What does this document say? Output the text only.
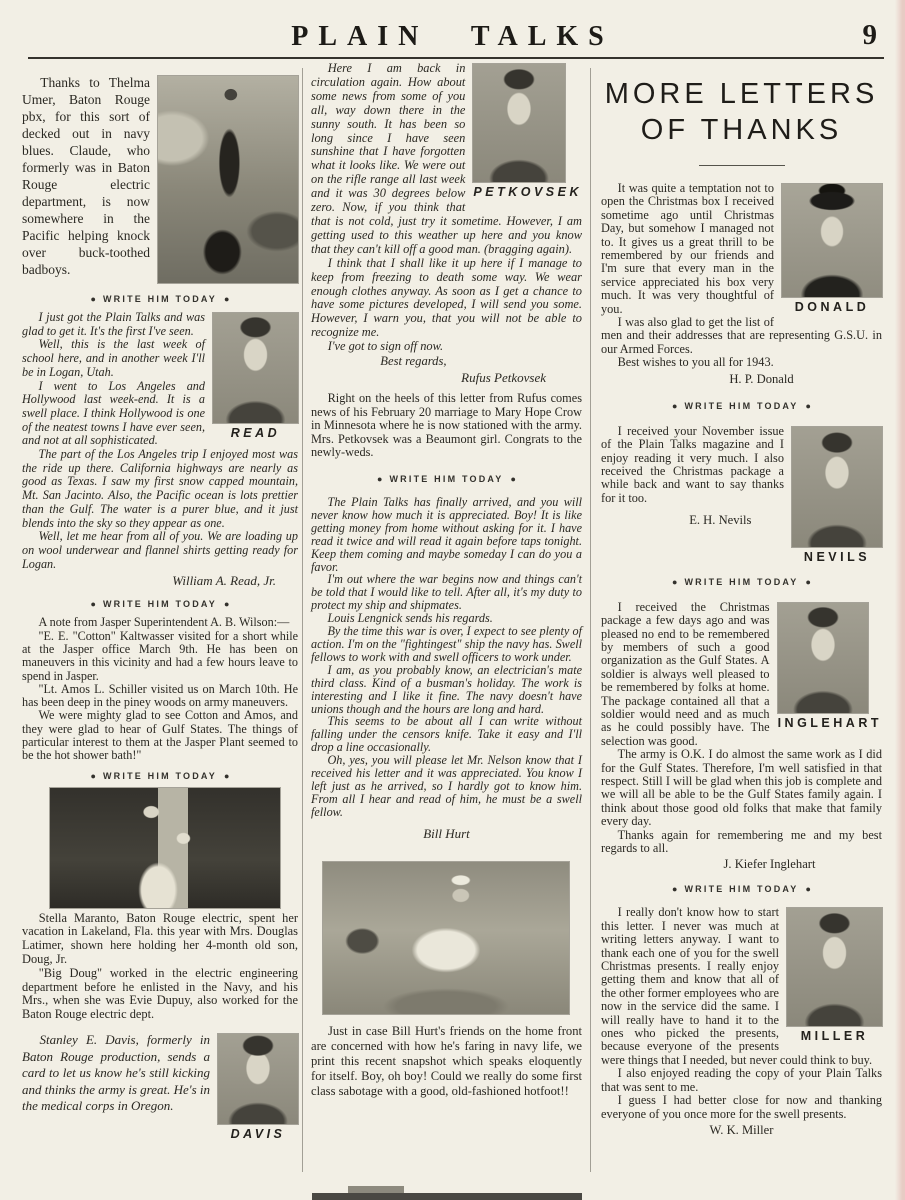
PLAIN TALKS	9

Thanks to Thelma Umer, Baton Rouge pbx, for this sort of decked out in navy blues. Claude, who formerly was in Baton Rouge electric department, is now somewhere in the Pacific helping knock over buck-toothed badboys.

● WRITE HIM TODAY ●
READ

I just got the Plain Talks and was glad to get it. It's the first I've seen.

Well, this is the last week of school here, and in another week I'll be in Logan, Utah.

I went to Los Angeles and Hollywood last week-end. It is a swell place. I think Hollywood is one of the neatest towns I have ever seen, and not at all sophisticated.

The part of the Los Angeles trip I enjoyed most was the ride up there. California highways are nearly as good as Texas. I saw my first snow capped mountain, Mt. San Jacinto. Also, the Pacific ocean is lots prettier than the Gulf. The water is a purer blue, and it just blends into the sky so they appear as one.

Well, let me hear from all of you. We are loading up on wool underwear and flannel shirts getting ready for Logan.

William A. Read, Jr.
● WRITE HIM TODAY ●

A note from Jasper Superintendent A. B. Wilson:—

"E. E. "Cotton" Kaltwasser visited for a short while at the Jasper office March 9th. He has been on maneuvers in this vicinity and had a few hours leave to spend in Jasper.

"Lt. Amos L. Schiller visited us on March 10th. He has been deep in the piney woods on army maneuvers.

We were mighty glad to see Cotton and Amos, and they were glad to hear of Gulf States. The things of particular interest to them at the Jasper Plant seemed to be the hot shower bath!"

● WRITE HIM TODAY ●

Stella Maranto, Baton Rouge electric, spent her vacation in Lakeland, Fla. this year with Mrs. Douglas Latimer, shown here holding her 4-month old son, Doug, Jr.

"Big Doug" worked in the electric engineering department before he enlisted in the Navy, and his Mrs., when she was Evie Dupuy, also worked for the Baton Rouge electric dept.

DAVIS

Stanley E. Davis, formerly in Baton Rouge production, sends a card to let us know he's still kicking and thinks the army is great. He's in the medical corps in Oregon.

PETKOVSEK

Here I am back in circulation again. How about some news from some of you all, way down there in the sunny south. It has been so long since I have seen sunshine that I have forgotten what it looks like. We were out on the rifle range all last week and it was 30 degrees below zero. Now, if you think that that is not cold, just try it sometime. However, I am getting used to this weather up here and you know that they can't kill off a good man. (bragging again).

I think that I shall like it up here if I manage to keep from freezing to death some way. We wear enough clothes anyway. As soon as I get a chance to have some pictures developed, I will send you some. However, I warn you, that you will not be able to recognize me.

I've got to sign off now.

Best regards,
Rufus Petkovsek

Right on the heels of this letter from Rufus comes news of his February 20 marriage to Mary Hope Crow in Minnesota where he is now stationed with the army. Mrs. Petkovsek was a Beaumont girl. Congrats to the newly-weds.

● WRITE HIM TODAY ●

The Plain Talks has finally arrived, and you will never know how much it is appreciated. Boy! It is like getting money from home without asking for it. I have read it twice and will read it again before taps tonight. Keep them coming and maybe someday I can do you a favor.

I'm out where the war begins now and things can't be told that I would like to tell. After all, it's my duty to protect my ship and shipmates.

Louis Lengnick sends his regards.

By the time this war is over, I expect to see plenty of action. I'm on the "fightingest" ship the navy has. Swell fellows to work with and swell officers to work under.

I am, as you probably know, an electrician's mate third class. Kind of a busman's holiday. The work is interesting and I like it fine. The navy doesn't have unions though and the hours are long and hard.

This seems to be about all I can write without falling under the censors knife. Take it easy and I'll drop a line occasionally.

Oh, yes, you will please let Mr. Nelson know that I received his letter and it was appreciated. You know I left just as he arrived, so I hardly got to know him. From all I hear and read of him, he must be a swell fellow.

Bill Hurt

Just in case Bill Hurt's friends on the home front are concerned with how he's faring in navy life, we print this recent snapshot which speaks eloquently for itself. Boy, oh boy! Could we really do some first class sabotage with a good, old-fashioned hotfoot!!

MORE LETTERS
OF THANKS
DONALD

It was quite a temptation not to open the Christmas box I received sometime ago until Christmas Day, but somehow I managed not to. It gives us a great thrill to be remembered by our friends and I'm sure that every man in the service appreciated his box very much. It was very thoughtful of you.

I was also glad to get the list of men and their addresses that are representing G.S.U. in our Armed Forces.

Best wishes to you all for 1943.

H. P. Donald
● WRITE HIM TODAY ●
NEVILS

I received your November issue of the Plain Talks magazine and I enjoy reading it very much. I also received the Christmas package a while back and want to say thanks for it too.

E. H. Nevils
● WRITE HIM TODAY ●
INGLEHART

I received the Christmas package a few days ago and was pleased no end to be remembered by members of such a good organization as the Gulf States. A soldier is always well pleased to be remembered by folks at home. The package contained all that a soldier would need and as much as he could possibly have. The selection was good.

The army is O.K. I do almost the same work as I did for the Gulf States. Therefore, I'm well satisfied in that respect. Still I will be glad when this job is complete and we will all be able to be the Gulf States family again. I think about those good old folks that make that family every day.

Thanks again for remembering me and my best regards to all.

J. Kiefer Inglehart
● WRITE HIM TODAY ●
MILLER

I really don't know how to start this letter. I never was much at writing letters anyway. I want to thank each one of you for the swell Christmas presents. I really enjoy getting them and know that all of the other former employees who are now in the service did the same. I will really have to hand it to the ones who picked the presents, because everyone of the presents were things that I needed, but never could think to buy.

I also enjoyed reading the copy of your Plain Talks that was sent to me.

I guess I had better close for now and thanking everyone of you once more for the swell presents.

W. K. Miller
